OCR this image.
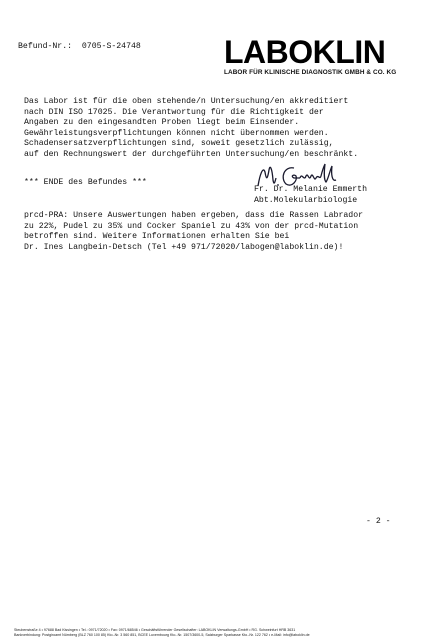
Befund-Nr.: 0705-S-24748	LABOKLIN
LABOR FÜR KLINISCHE DIAGNOSTIK GMBH & CO. KG
Das Labor ist für die oben stehende/n Untersuchung/en akkreditiert
nach DIN ISO 17025. Die Verantwortung für die Richtigkeit der
Angaben zu den eingesandten Proben liegt beim Einsender.
Gewährleistungsverpflichtungen können nicht übernommen werden.
Schadensersatzverpflichtungen sind, soweit gesetzlich zulässig,
auf den Rechnungswert der durchgeführten Untersuchung/en beschränkt.
*** ENDE des Befundes ***
Fr. Dr. Melanie Emmerth
Abt.Molekularbiologie
prcd-PRA: Unsere Auswertungen haben ergeben, dass die Rassen Labrador
zu 22%, Pudel zu 35% und Cocker Spaniel zu 43% von der prcd-Mutation
betroffen sind. Weitere Informationen erhalten Sie bei
Dr. Ines Langbein-Detsch (Tel +49 971/72020/labogen@laboklin.de)!
- 2 -
Steubenstraße 4 • 97688 Bad Kissingen • Tel.: 0971/72020 • Fax: 0971/68546 • Geschäftsführender Gesellschafter: LABOKLIN Verwaltungs-GmbH • RG. Schweinfurt HRB 3631
Bankverbindung: Postgiroamt Nürnberg (BLZ 760 100 85) Kto.-Nr. 3 560 851, BCEE Luxembourg Kto.-Nr. 1507/3600-5, Salzburger Sparkasse Kto.-Nr. 122 762 • e-Mail: info@laboklin.de
